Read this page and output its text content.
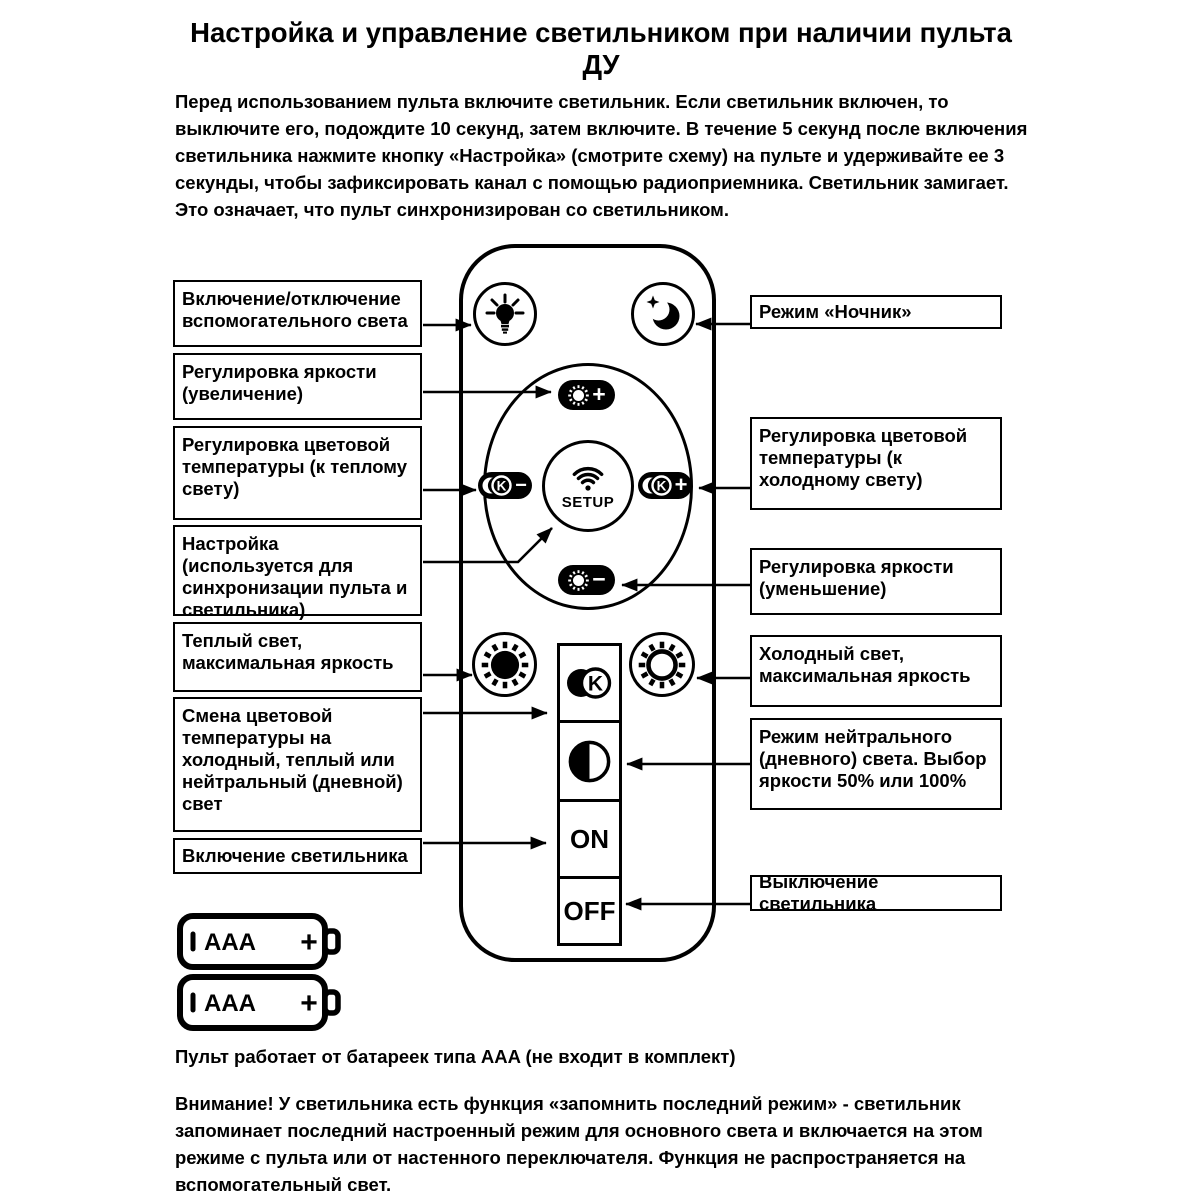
Настройка и управление светильником при наличии пульта ДУ

Перед использованием пульта включите светильник. Если светильник включен, то выключите его, подождите 10 секунд, затем включите. В течение 5 секунд после включения светильника нажмите кнопку «Настройка» (смотрите схему) на пульте и удерживайте ее 3 секунды, чтобы зафиксировать канал с помощью радиоприемника. Светильник замигает. Это означает, что пульт синхронизирован со светильником.

Включение/отключение вспомогательного света
Регулировка яркости (увеличение)
Регулировка цветовой температуры (к теплому свету)
Настройка (используется для синхронизации пульта и светильника)
Теплый свет, максимальная яркость
Смена цветовой температуры на холодный, теплый или нейтральный (дневной) свет
Включение светильника
Режим «Ночник»
Регулировка цветовой температуры (к холодному свету)
Регулировка яркости (уменьшение)
Холодный свет, максимальная яркость
Режим нейтрального (дневного) света. Выбор яркости 50% или 100%
Выключение светильника
+
K −
SETUP
K +
−
K
ON
OFF
AAA +
AAA +

Пульт работает от батареек типа AAA (не входит в комплект)

Внимание! У светильника есть функция «запомнить последний режим» - светильник запоминает последний настроенный режим для основного света и включается на этом режиме с пульта или от настенного переключателя. Функция не распространяется на вспомогательный свет.
